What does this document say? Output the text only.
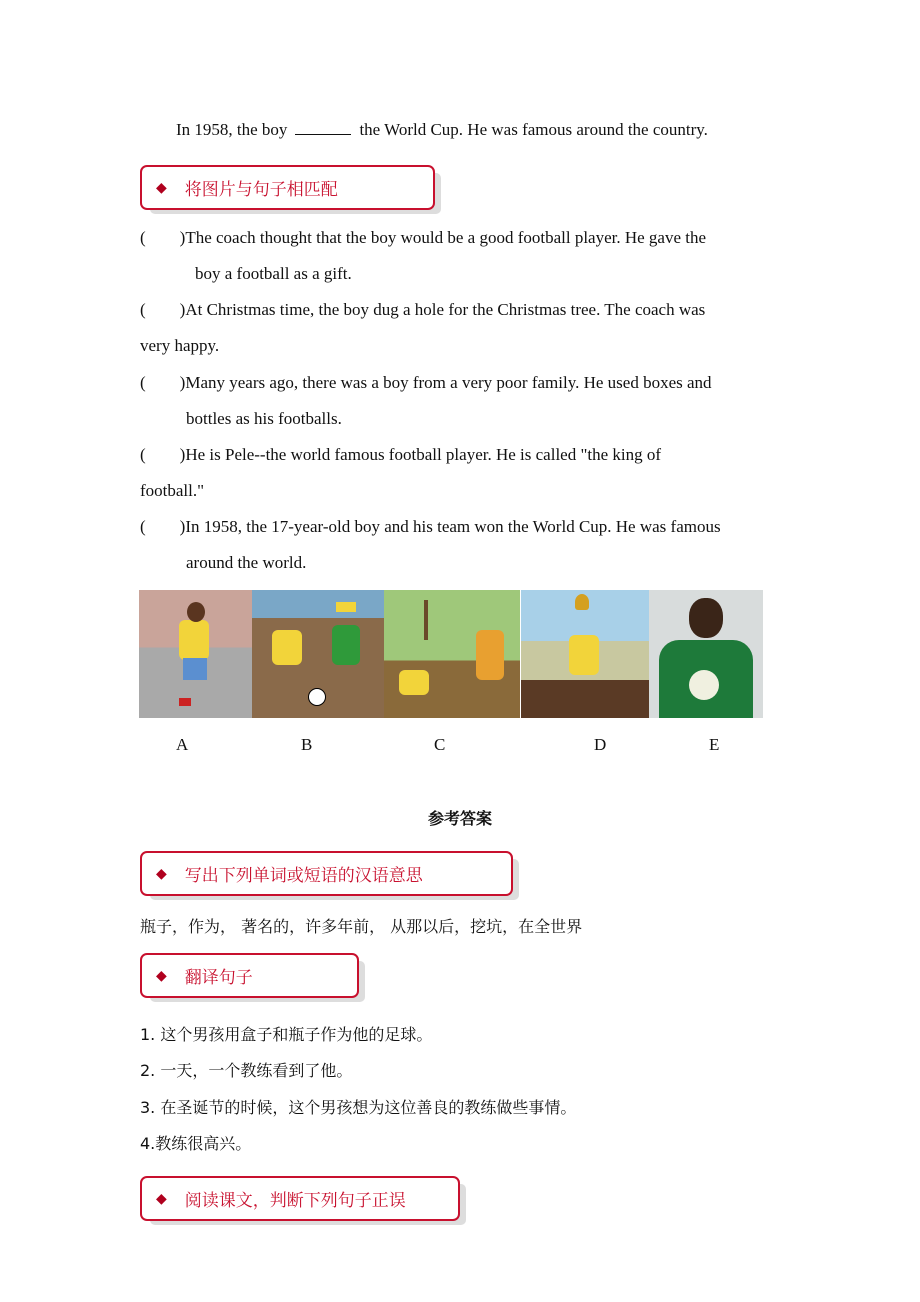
In 1958, the boy	the World Cup. He was famous around the country.
◆ 将图片与句子相匹配
(        )The coach thought that the boy would be a good football player. He gave the
boy a football as a gift.
(        )At Christmas time, the boy dug a hole for the Christmas tree. The coach was
very happy.
(        )Many years ago, there was a boy from a very poor family. He used boxes and
bottles as his footballs.
(        )He is Pele--the world famous football player. He is called "the king of
football."
(        )In 1958, the 17-year-old boy and his team won the World Cup. He was famous
around the world.
A	B	C	D	E
参考答案
◆ 写出下列单词或短语的汉语意思
瓶子，作为， 著名的，许多年前， 从那以后，挖坑，在全世界
◆ 翻译句子
1. 这个男孩用盒子和瓶子作为他的足球。
2. 一天，一个教练看到了他。
3. 在圣诞节的时候，这个男孩想为这位善良的教练做些事情。
4.教练很高兴。
◆ 阅读课文，判断下列句子正误
